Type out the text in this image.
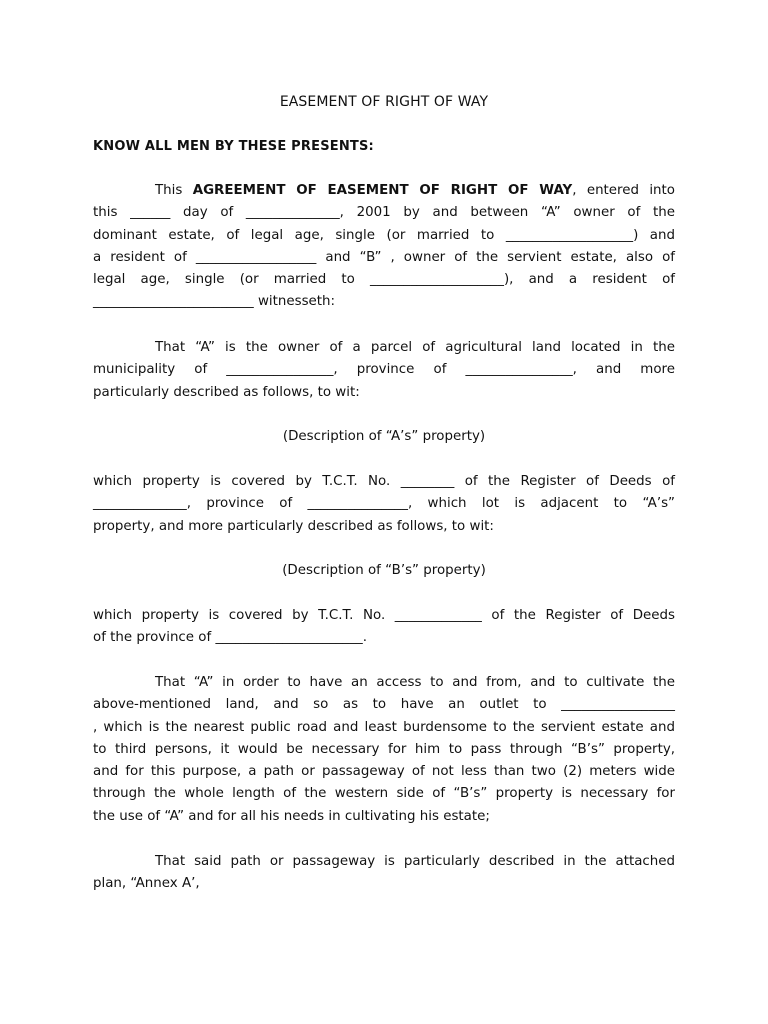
EASEMENT OF RIGHT OF WAY
KNOW ALL MEN BY THESE PRESENTS:
This AGREEMENT OF EASEMENT OF RIGHT OF WAY, entered into
this ______ day of ______________, 2001 by and between “A” owner of the
dominant estate, of legal age, single (or married to ___________________) and
a resident of __________________ and “B” , owner of the servient estate, also of
legal age, single (or married to ____________________), and a resident of
________________________ witnesseth:
That “A” is the owner of a parcel of agricultural land located in the
municipality of ________________, province of ________________, and more
particularly described as follows, to wit:
(Description of “A’s” property)
which property is covered by T.C.T. No. ________ of the Register of Deeds of
______________, province of _______________, which lot is adjacent to “A’s”
property, and more particularly described as follows, to wit:
(Description of “B’s” property)
which property is covered by T.C.T. No. _____________ of the Register of Deeds
of the province of ______________________.
That “A” in order to have an access to and from, and to cultivate the
above-mentioned land, and so as to have an outlet to _________________
, which is the nearest public road and least burdensome to the servient estate and
to third persons, it would be necessary for him to pass through “B’s” property,
and for this purpose, a path or passageway of not less than two (2) meters wide
through the whole length of the western side of “B’s” property is necessary for
the use of “A” and for all his needs in cultivating his estate;
That said path or passageway is particularly described in the attached
plan, “Annex A’,
